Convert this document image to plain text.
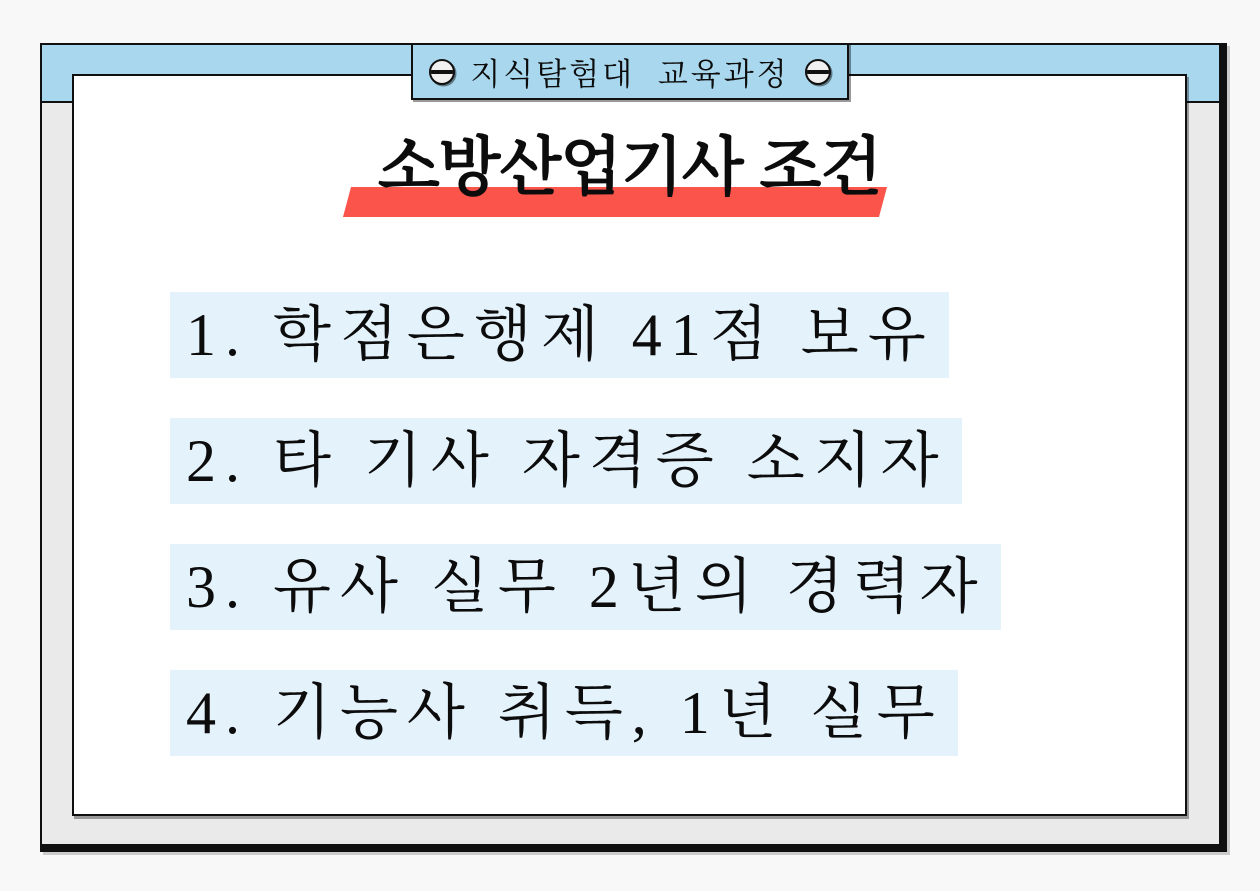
소방산업기사 조건
1. 학점은행제 41점 보유
2. 타 기사 자격증 소지자
3. 유사 실무 2년의 경력자
4. 기능사 취득, 1년 실무
지식탐험대 교육과정
